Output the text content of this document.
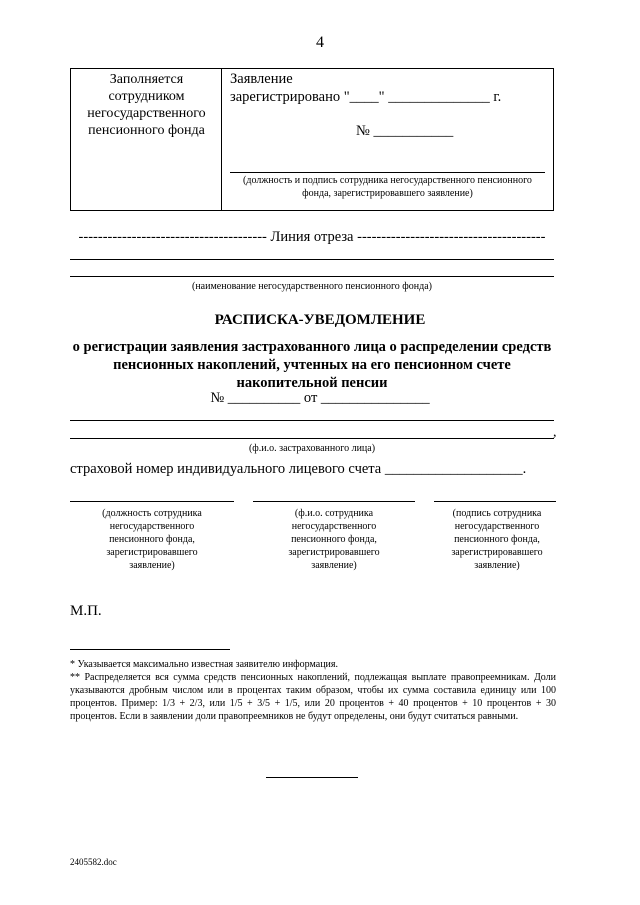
4
Заполняется сотрудником негосударственного пенсионного фонда
Заявление
зарегистрировано "____" ______________ г.
№ ___________
(должность и подпись сотрудника негосударственного пенсионного фонда, зарегистрировавшего заявление)
--------------------------------------- Линия отреза ---------------------------------------
(наименование негосударственного пенсионного фонда)
РАСПИСКА-УВЕДОМЛЕНИЕ
о регистрации заявления застрахованного лица о распределении средств пенсионных накоплений, учтенных на его пенсионном счете накопительной пенсии
№ __________ от _______________
,
(ф.и.о. застрахованного лица)
страховой номер индивидуального лицевого счета ___________________.
(должность сотрудника негосударственного пенсионного фонда, зарегистрировавшего заявление)
(ф.и.о. сотрудника негосударственного пенсионного фонда, зарегистрировавшего заявление)
(подпись сотрудника негосударственного пенсионного фонда, зарегистрировавшего заявление)
М.П.

* Указывается максимально известная заявителю информация.

** Распределяется вся сумма средств пенсионных накоплений, подлежащая выплате правопреемникам. Доли указываются дробным числом или в процентах таким образом, чтобы их сумма составила единицу или 100 процентов. Пример: 1/3 + 2/3, или 1/5 + 3/5 + 1/5, или 20 процентов + 40 процентов + 10 процентов + 30 процентов. Если в заявлении доли правопреемников не будут определены, они будут считаться равными.

2405582.doc
